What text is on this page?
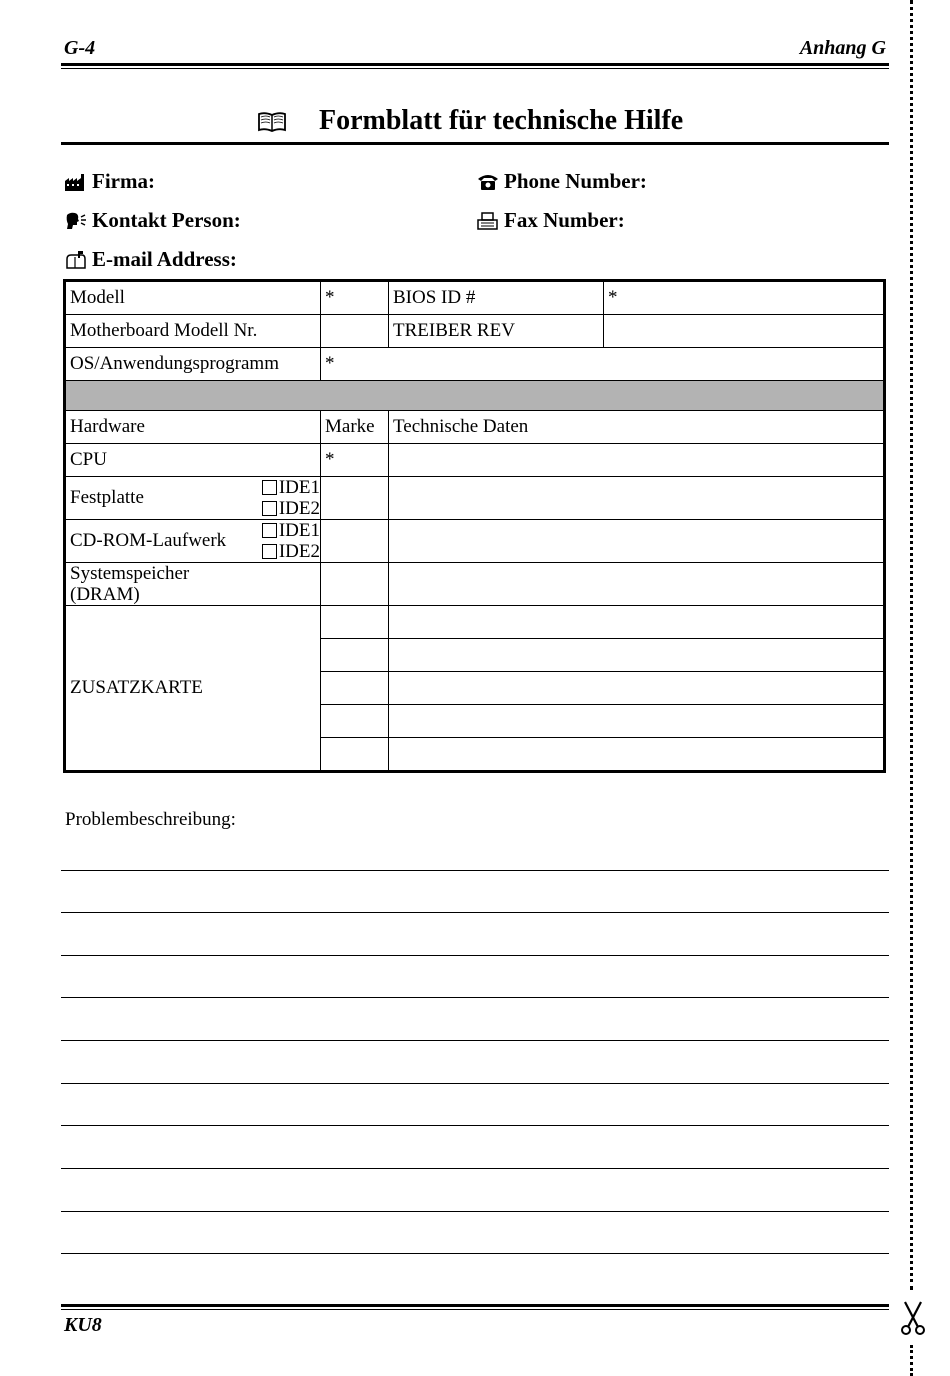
G-4	Anhang G
Formblatt für technische Hilfe
Firma:	Phone Number:
Kontakt Person:	Fax Number:
E-mail Address:
Modell	*	BIOS ID #	*
Motherboard Modell Nr.		TREIBER REV	
OS/Anwendungsprogramm	*		

Hardware	Marke	Technische Daten	
CPU	*		

Festplatte IDE1
IDE2			

CD-ROM-Laufwerk IDE1
IDE2			

Systemspeicher
(DRAM)			

ZUSATZKARTE			

Problembeschreibung:
KU8
